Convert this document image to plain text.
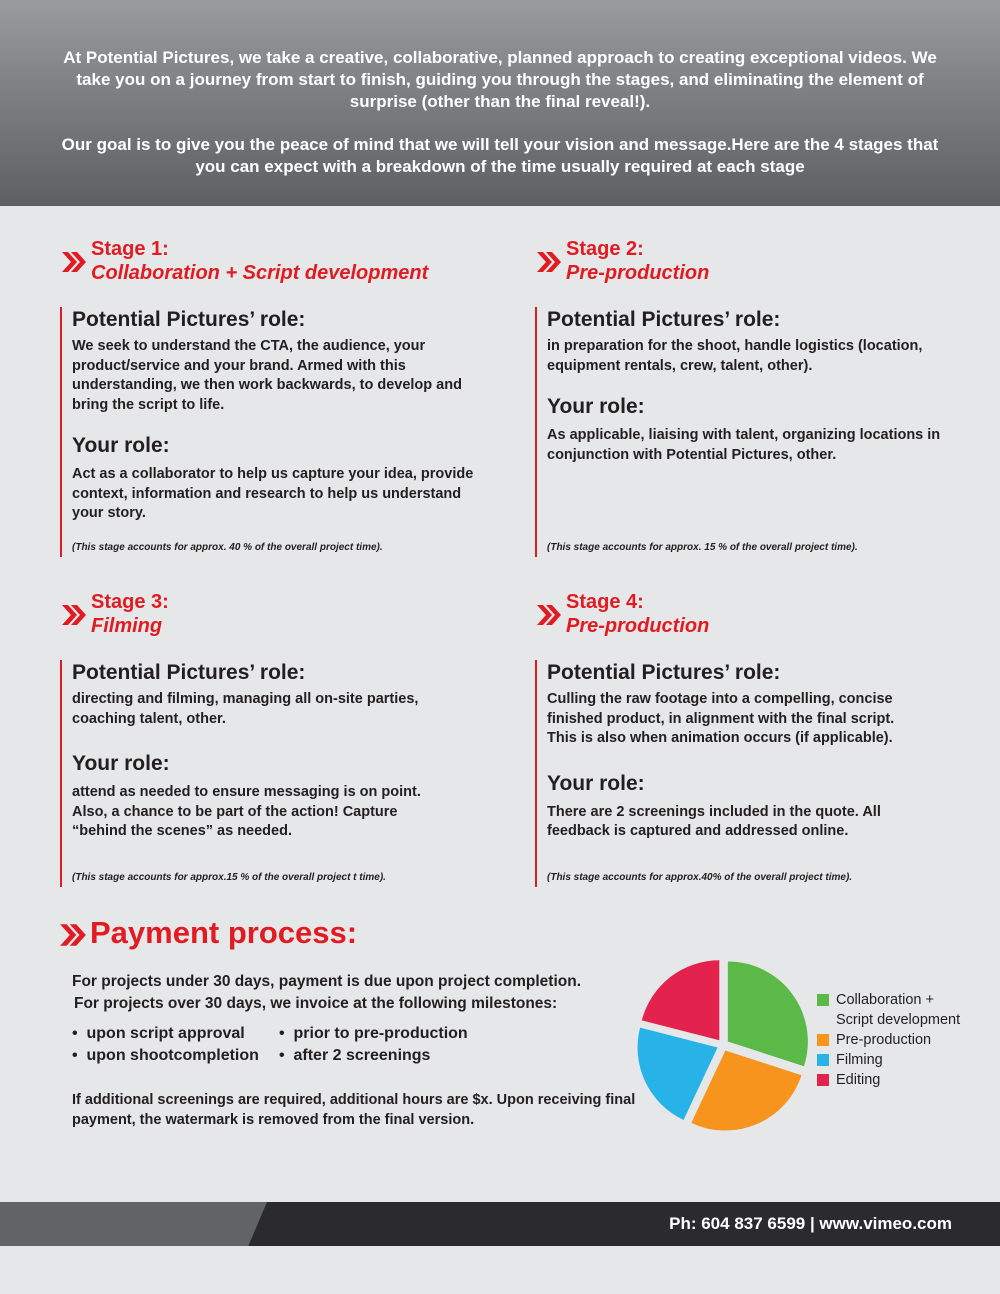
At Potential Pictures, we take a creative, collaborative, planned approach to creating exceptional videos. We take you on a journey from start to finish, guiding you through the stages, and eliminating the element of surprise (other than the final reveal!).

Our goal is to give you the peace of mind that we will tell your vision and message.Here are the 4 stages that you can expect with a breakdown of the time usually required at each stage

Stage 1:
Collaboration + Script development

Potential Pictures’ role:

We seek to understand the CTA, the audience, your product/service and your brand. Armed with this understanding, we then work backwards, to develop and bring the script to life.

Your role:

Act as a collaborator to help us capture your idea, provide context, information and research to help us understand your story.

(This stage accounts for approx. 40 % of the overall project time).
Stage 2:
Pre-production

Potential Pictures’ role:

in preparation for the shoot, handle logistics (location, equipment rentals, crew, talent, other).

Your role:

As applicable, liaising with talent, organizing locations in conjunction with Potential Pictures, other.

(This stage accounts for approx. 15 % of the overall project time).
Stage 3:
Filming

Potential Pictures’ role:

directing and filming, managing all on-site parties, coaching talent, other.

Your role:

attend as needed to ensure messaging is on point. Also, a chance to be part of the action! Capture “behind the scenes” as needed.

(This stage accounts for approx.15 % of the overall project t time).
Stage 4:
Pre-production

Potential Pictures’ role:

Culling the raw footage into a compelling, concise finished product, in alignment with the final script. This is also when animation occurs (if applicable).

Your role:

There are 2 screenings included in the quote. All feedback is captured and addressed online.

(This stage accounts for approx.40% of the overall project time).
Payment process:
For projects under 30 days, payment is due upon project completion.
For projects over 30 days, we invoice at the following milestones:
• upon script approval • prior to pre-production
• upon shootcompletion • after 2 screenings
If additional screenings are required, additional hours are $x. Upon receiving final payment, the watermark is removed from the final version.
Collaboration +
Script development
Pre-production
Filming
Editing
Ph: 604 837 6599 | www.vimeo.com
